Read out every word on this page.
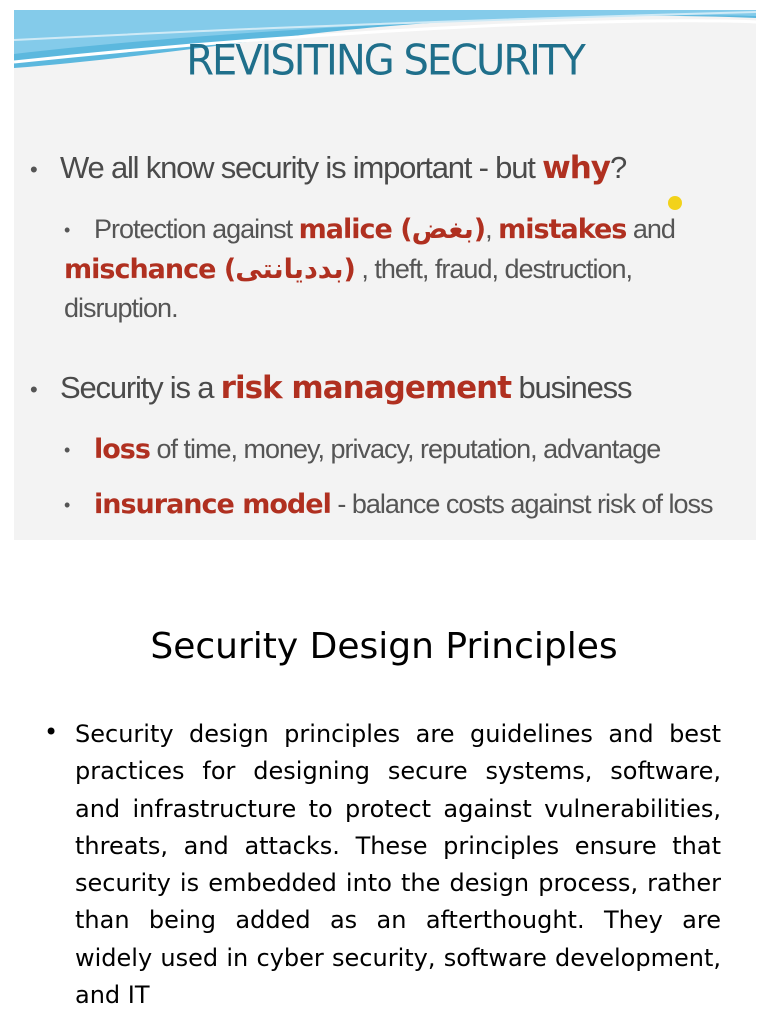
REVISITING SECURITY
• We all know security is important - but why?
• Protection against malice (بغض), mistakes and
mischance (بدديانتى) , theft, fraud, destruction,
disruption.
• Security is a risk management business
• loss of time, money, privacy, reputation, advantage
• insurance model - balance costs against risk of loss
Security Design Principles
• Security design principles are guidelines and best practices for designing secure systems, software, and infrastructure to protect against vulnerabilities, threats, and attacks. These principles ensure that security is embedded into the design process, rather than being added as an afterthought. They are widely used in cyber security, software development, and IT
